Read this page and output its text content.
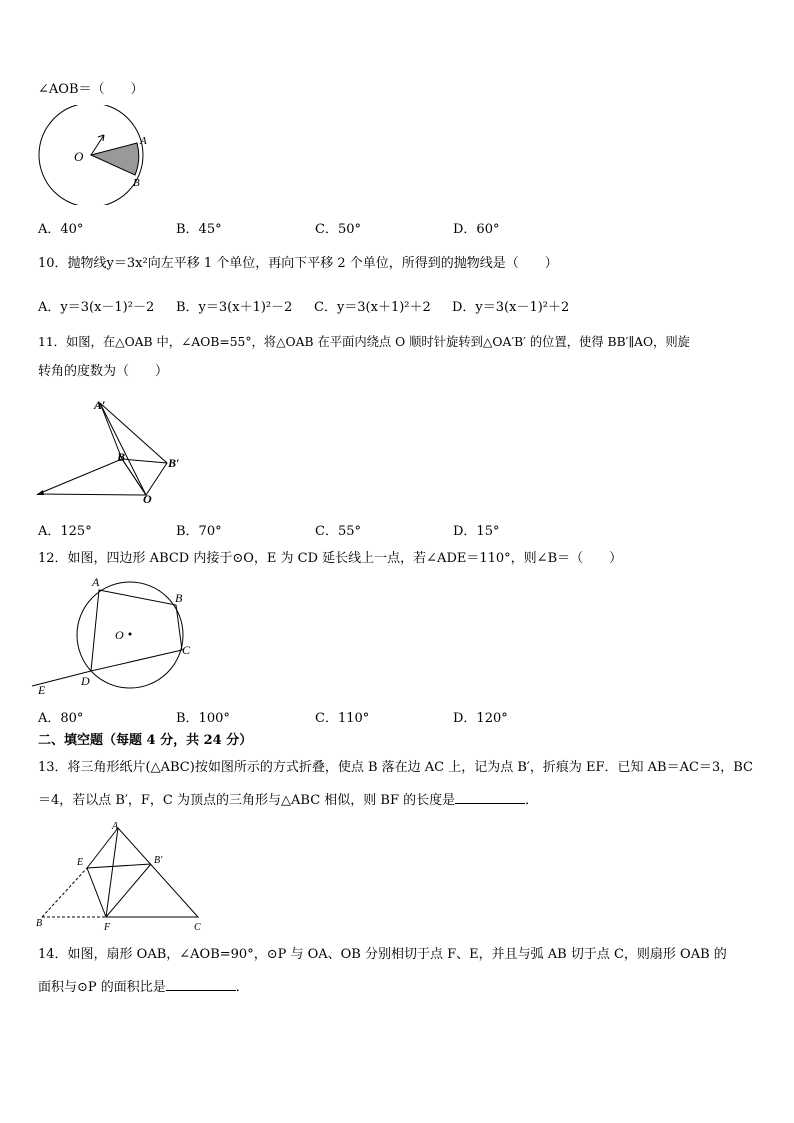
∠AOB＝（　　）
O
A
B
A．40°	B．45°	C．50°	D．60°
10．抛物线y＝3x²向左平移 1 个单位，再向下平移 2 个单位，所得到的抛物线是（　　）
A．y＝3(x－1)²－2 B．y＝3(x＋1)²－2 C．y＝3(x＋1)²＋2 D．y＝3(x－1)²＋2
11．如图，在△OAB 中，∠AOB=55°，将△OAB 在平面内绕点 O 顺时针旋转到△OA′B′ 的位置，使得 BB′∥AO，则旋
转角的度数为（　　）
A′
B	B′
O
A．125°	B．70°	C．55°	D．15°
12．如图，四边形 ABCD 内接于⊙O，E 为 CD 延长线上一点，若∠ADE＝110°，则∠B＝（　　）
A
B
C
D
E
O
A．80°	B．100°	C．110°	D．120°
二、填空题（每题 4 分，共 24 分）
13．将三角形纸片(△ABC)按如图所示的方式折叠，使点 B 落在边 AC 上，记为点 B′，折痕为 EF．已知 AB＝AC＝3，BC
＝4，若以点 B′，F，C 为顶点的三角形与△ABC 相似，则 BF 的长度是	．
A
E	B′
B	F	C
14．如图，扇形 OAB，∠AOB=90°，⊙P 与 OA、OB 分别相切于点 F、E，并且与弧 AB 切于点 C，则扇形 OAB 的
面积与⊙P 的面积比是	．
